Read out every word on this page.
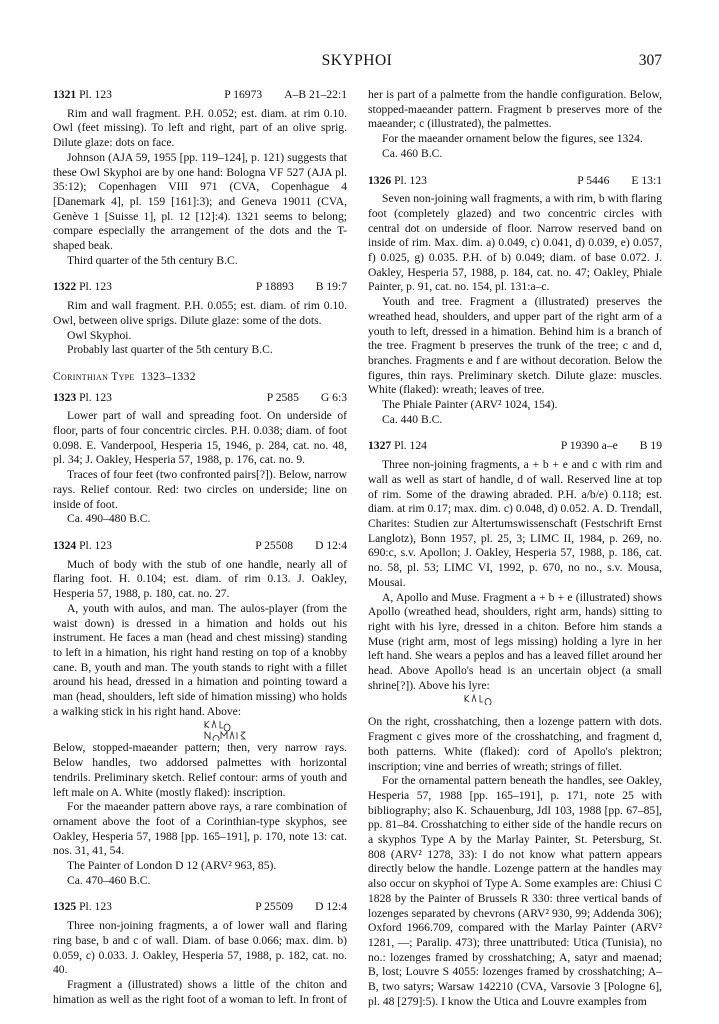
SKYPHOI	307
1321 Pl. 123	P 16973 A–B 21–22:1

Rim and wall fragment. P.H. 0.052; est. diam. at rim 0.10. Owl (feet missing). To left and right, part of an olive sprig. Dilute glaze: dots on face.

Johnson (AJA 59, 1955 [pp. 119–124], p. 121) suggests that these Owl Skyphoi are by one hand: Bologna VF 527 (AJA pl. 35:12); Copenhagen VIII 971 (CVA, Copenhague 4 [Danemark 4], pl. 159 [161]:3); and Geneva 19011 (CVA, Genève 1 [Suisse 1], pl. 12 [12]:4). 1321 seems to belong; compare especially the arrangement of the dots and the T-shaped beak.

Third quarter of the 5th century B.C.

1322 Pl. 123	P 18893 B 19:7

Rim and wall fragment. P.H. 0.055; est. diam. of rim 0.10. Owl, between olive sprigs. Dilute glaze: some of the dots.

Owl Skyphoi.

Probably last quarter of the 5th century B.C.

Corinthian Type 1323–1332
1323 Pl. 123	P 2585 G 6:3

Lower part of wall and spreading foot. On underside of floor, parts of four concentric circles. P.H. 0.038; diam. of foot 0.098. E. Vanderpool, Hesperia 15, 1946, p. 284, cat. no. 48, pl. 34; J. Oakley, Hesperia 57, 1988, p. 176, cat. no. 9.

Traces of four feet (two confronted pairs[?]). Below, narrow rays. Relief contour. Red: two circles on underside; line on inside of foot.

Ca. 490–480 B.C.

1324 Pl. 123	P 25508 D 12:4

Much of body with the stub of one handle, nearly all of flaring foot. H. 0.104; est. diam. of rim 0.13. J. Oakley, Hesperia 57, 1988, p. 180, cat. no. 27.

A, youth with aulos, and man. The aulos-player (from the waist down) is dressed in a himation and holds out his instrument. He faces a man (head and chest missing) standing to left in a himation, his right hand resting on top of a knobby cane. B, youth and man. The youth stands to right with a fillet around his head, dressed in a himation and pointing toward a man (head, shoulders, left side of himation missing) who holds a walking stick in his right hand. Above:

Below, stopped-maeander pattern; then, very narrow rays. Below handles, two addorsed palmettes with horizontal tendrils. Preliminary sketch. Relief contour: arms of youth and left male on A. White (mostly flaked): inscription.

For the maeander pattern above rays, a rare combination of ornament above the foot of a Corinthian-type skyphos, see Oakley, Hesperia 57, 1988 [pp. 165–191], p. 170, note 13: cat. nos. 31, 41, 54.

The Painter of London D 12 (ARV² 963, 85).

Ca. 470–460 B.C.

1325 Pl. 123	P 25509 D 12:4

Three non-joining fragments, a of lower wall and flaring ring base, b and c of wall. Diam. of base 0.066; max. dim. b) 0.059, c) 0.033. J. Oakley, Hesperia 57, 1988, p. 182, cat. no. 40.

Fragment a (illustrated) shows a little of the chiton and himation as well as the right foot of a woman to left. In front of

her is part of a palmette from the handle configuration. Below, stopped-maeander pattern. Fragment b preserves more of the maeander; c (illustrated), the palmettes.

For the maeander ornament below the figures, see 1324.

Ca. 460 B.C.

1326 Pl. 123	P 5446 E 13:1

Seven non-joining wall fragments, a with rim, b with flaring foot (completely glazed) and two concentric circles with central dot on underside of floor. Narrow reserved band on inside of rim. Max. dim. a) 0.049, c) 0.041, d) 0.039, e) 0.057, f) 0.025, g) 0.035. P.H. of b) 0.049; diam. of base 0.072. J. Oakley, Hesperia 57, 1988, p. 184, cat. no. 47; Oakley, Phiale Painter, p. 91, cat. no. 154, pl. 131:a–c.

Youth and tree. Fragment a (illustrated) preserves the wreathed head, shoulders, and upper part of the right arm of a youth to left, dressed in a himation. Behind him is a branch of the tree. Fragment b preserves the trunk of the tree; c and d, branches. Fragments e and f are without decoration. Below the figures, thin rays. Preliminary sketch. Dilute glaze: muscles. White (flaked): wreath; leaves of tree.

The Phiale Painter (ARV² 1024, 154).

Ca. 440 B.C.

1327 Pl. 124	P 19390 a–e B 19

Three non-joining fragments, a + b + e and c with rim and wall as well as start of handle, d of wall. Reserved line at top of rim. Some of the drawing abraded. P.H. a/b/e) 0.118; est. diam. at rim 0.17; max. dim. c) 0.048, d) 0.052. A. D. Trendall, Charites: Studien zur Altertumswissenschaft (Festschrift Ernst Langlotz), Bonn 1957, pl. 25, 3; LIMC II, 1984, p. 269, no. 690:c, s.v. Apollon; J. Oakley, Hesperia 57, 1988, p. 186, cat. no. 58, pl. 53; LIMC VI, 1992, p. 670, no no., s.v. Mousa, Mousai.

A, Apollo and Muse. Fragment a + b + e (illustrated) shows Apollo (wreathed head, shoulders, right arm, hands) sitting to right with his lyre, dressed in a chiton. Before him stands a Muse (right arm, most of legs missing) holding a lyre in her left hand. She wears a peplos and has a leaved fillet around her head. Above Apollo's head is an uncertain object (a small shrine[?]). Above his lyre:

On the right, crosshatching, then a lozenge pattern with dots. Fragment c gives more of the crosshatching, and fragment d, both patterns. White (flaked): cord of Apollo's plektron; inscription; vine and berries of wreath; strings of fillet.

For the ornamental pattern beneath the handles, see Oakley, Hesperia 57, 1988 [pp. 165–191], p. 171, note 25 with bibliography; also K. Schauenburg, JdI 103, 1988 [pp. 67–85], pp. 81–84. Crosshatching to either side of the handle recurs on a skyphos Type A by the Marlay Painter, St. Petersburg, St. 808 (ARV² 1278, 33): I do not know what pattern appears directly below the handle. Lozenge pattern at the handles may also occur on skyphoi of Type A. Some examples are: Chiusi C 1828 by the Painter of Brussels R 330: three vertical bands of lozenges separated by chevrons (ARV² 930, 99; Addenda 306); Oxford 1966.709, compared with the Marlay Painter (ARV² 1281, —; Paralip. 473); three unattributed: Utica (Tunisia), no no.: lozenges framed by crosshatching; A, satyr and maenad; B, lost; Louvre S 4055: lozenges framed by crosshatching; A–B, two satyrs; Warsaw 142210 (CVA, Varsovie 3 [Pologne 6], pl. 48 [279]:5). I know the Utica and Louvre examples from
